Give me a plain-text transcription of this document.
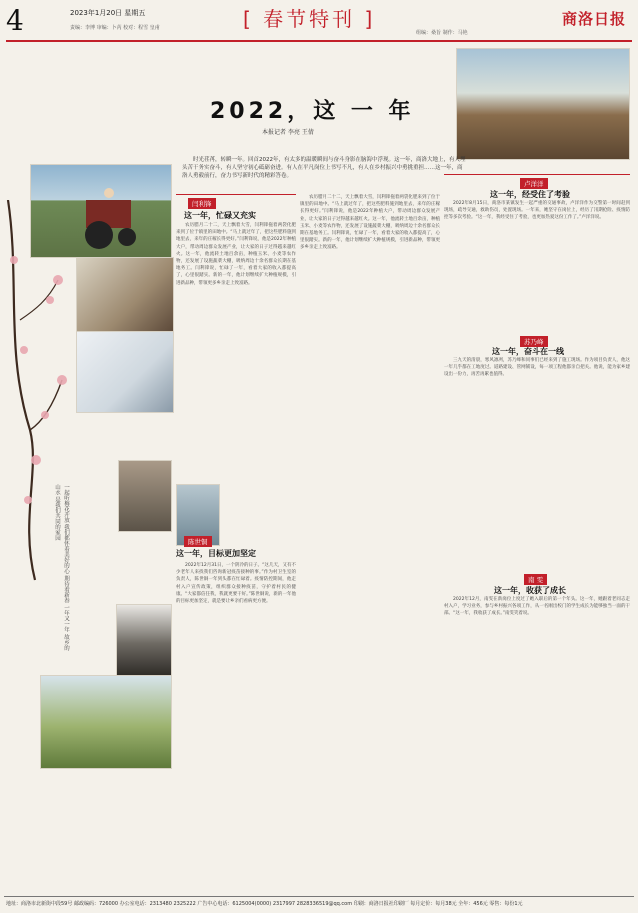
4	2023年1月20日 星期五
责编：李博 审编：卜芮 校对：程雪 皇甫	[ 春节特刊 ]
组编：桑旨 制作：马艳
商洛日报
一起听梅花开放 我们都怀着美好的心 期待着新春 一年又一年 故乡的山水 是我们共同的家园
2022，这 一 年
本报记者 李亮 王倩
时光荏苒，转瞬一年。回首2022年，有太多的温暖瞬间与奋斗身影在脑海中浮现。这一年，商洛大地上，有人埋头苦干务实奋斗，有人坚守初心砥砺奋进。有人在平凡岗位上书写不凡，有人在乡村振兴中勇挑重担……这一年，商洛人勇毅前行，奋力书写新时代的精彩答卷。
闫利锋
这一年，忙碌又充实
农历腊月二十二，天上飘着大雪，闫利锋拖着两袋化肥来到了位于镇里的田地中。“马上就过年了，把这些肥料施到地里去，来年的庄稼长得更好。”闫利锋说，他是2022年种植大户，带动周边群众发展产业，让大家的日子过得越来越红火。这一年，他流转土地百余亩，种植玉米、小麦等农作物，还发展了设施蔬菜大棚，吸纳周边十余名群众长期在基地务工。闫利锋说，忙碌了一年，看着大家的收入都提高了，心里很踏实。新的一年，他计划继续扩大种植规模，引进新品种，带领更多乡亲走上致富路。
陈世铜
这一年，目标更加坚定
2022年12月31日，一个阴冷的日子。“这几天，又有不少老年人来找我们咨询新冠疫苗接种的事。”作为村卫生室的负责人，陈世铜一年到头都在忙碌着。疫情防控期间，他走村入户宣传政策，组织群众接种疫苗，守护着村民的健康。“大家都信任我，我就更要干好。”陈世铜说，新的一年他的目标更加坚定，就是要让乡亲们看病更方便。
农历腊月二十二，天上飘着大雪，闫利锋拖着两袋化肥来到了位于镇里的田地中。“马上就过年了，把这些肥料施到地里去，来年的庄稼长得更好。”闫利锋说，他是2022年种植大户，带动周边群众发展产业，让大家的日子过得越来越红火。这一年，他流转土地百余亩，种植玉米、小麦等农作物，还发展了设施蔬菜大棚，吸纳周边十余名群众长期在基地务工。闫利锋说，忙碌了一年，看着大家的收入都提高了，心里很踏实。新的一年，他计划继续扩大种植规模，引进新品种，带领更多乡亲走上致富路。
卢洋洋
这一年，经受住了考验
2022年8月15日，商洛市某镇发生一起严重的交通事故，卢洋洋作为交警第一时间赶到现场，疏导交通，救助伤员，处置现场。一年来，她坚守在岗位上，经历了汛期抢险、疫情防控等多次考验。“这一年，我经受住了考验，也更加热爱这份工作了。”卢洋洋说。
苏乃峰
这一年，奋斗在一线
三九天的清晨，寒风凛冽，苏乃峰和同事们已经来到了施工现场。作为项目负责人，他这一年几乎都在工地度过。道路建设、管网铺设，每一项工程他都亲自把关。他说，能为家乡建设出一份力，再苦再累也值得。
南 雯
这一年，收获了成长
2022年12月，南雯在新岗位上度过了她入职后的第一个年头。这一年，她跟着老同志走村入户，学习业务，参与乡村振兴各项工作，从一名刚出校门的学生成长为能够独当一面的干部。“这一年，我收获了成长。”南雯笑着说。
地址：商洛市北新街中段59号 邮政编码：726000 办公室电话：2313480 2325222 广告中心电话：6125004(0000) 2317997 2828336519@qq.com 印刷：商洛日报社印刷厂 每月定价：每月38元 全年：456元 零售：每份1元
